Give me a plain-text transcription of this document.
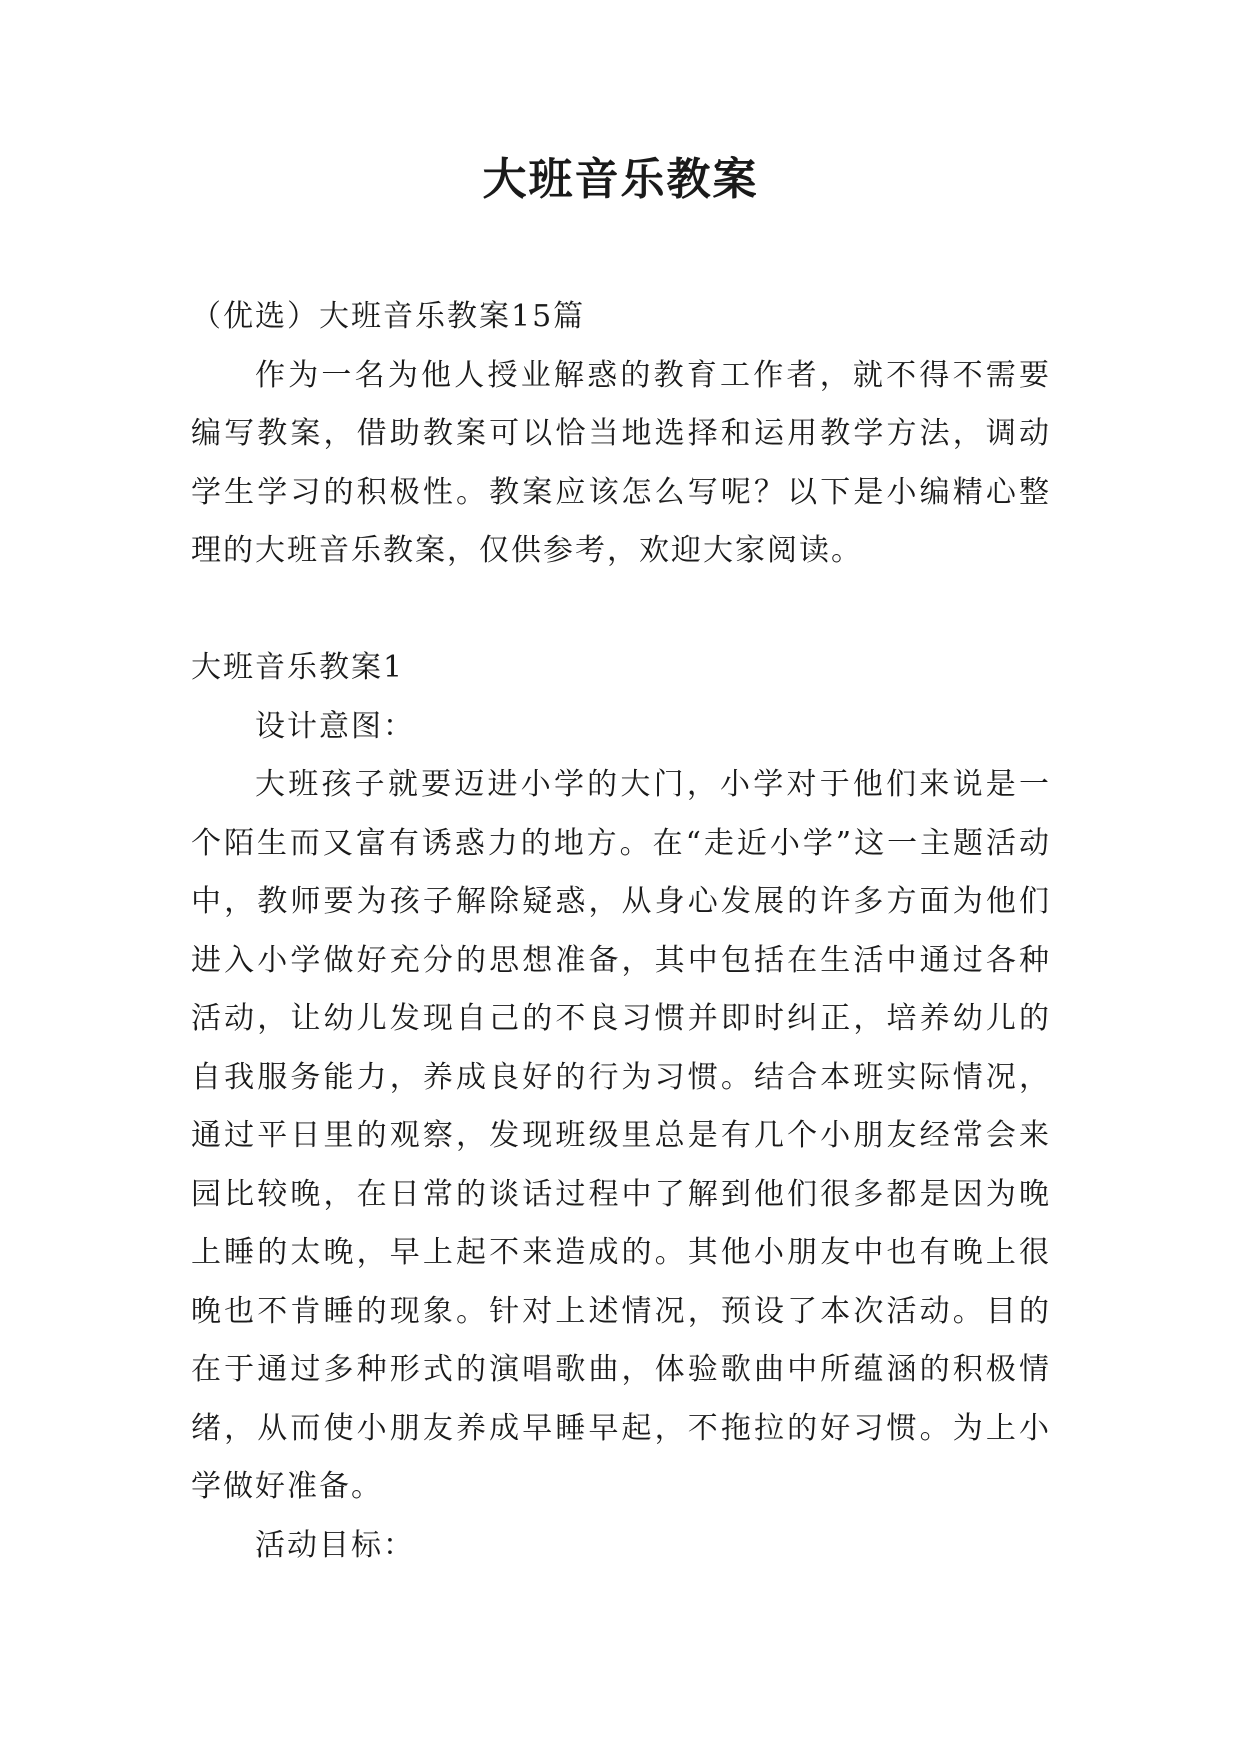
大班音乐教案

（优选）大班音乐教案15篇

作为一名为他人授业解惑的教育工作者，就不得不需要编写教案，借助教案可以恰当地选择和运用教学方法，调动学生学习的积极性。教案应该怎么写呢？以下是小编精心整理的大班音乐教案，仅供参考，欢迎大家阅读。

大班音乐教案1

设计意图：

大班孩子就要迈进小学的大门，小学对于他们来说是一个陌生而又富有诱惑力的地方。在“走近小学”这一主题活动中，教师要为孩子解除疑惑，从身心发展的许多方面为他们进入小学做好充分的思想准备，其中包括在生活中通过各种活动，让幼儿发现自己的不良习惯并即时纠正，培养幼儿的自我服务能力，养成良好的行为习惯。结合本班实际情况，通过平日里的观察，发现班级里总是有几个小朋友经常会来园比较晚，在日常的谈话过程中了解到他们很多都是因为晚上睡的太晚，早上起不来造成的。其他小朋友中也有晚上很晚也不肯睡的现象。针对上述情况，预设了本次活动。目的在于通过多种形式的演唱歌曲，体验歌曲中所蕴涵的积极情绪，从而使小朋友养成早睡早起，不拖拉的好习惯。为上小学做好准备。

活动目标：
